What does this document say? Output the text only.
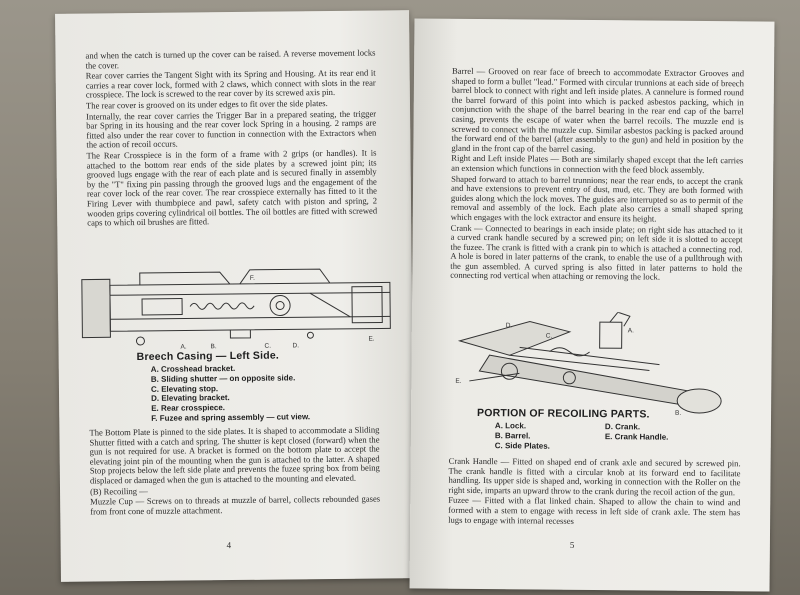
and when the catch is turned up the cover can be raised. A reverse movement locks the cover.

Rear cover carries the Tangent Sight with its Spring and Housing. At its rear end it carries a rear cover lock, formed with 2 claws, which connect with slots in the rear crosspiece. The lock is screwed to the rear cover by its screwed axis pin.

The rear cover is grooved on its under edges to fit over the side plates.

Internally, the rear cover carries the Trigger Bar in a prepared seating, the trigger bar Spring in its housing and the rear cover lock Spring in a housing. 2 ramps are fitted also under the rear cover to function in connection with the Extractors when the action of recoil occurs.

The Rear Crosspiece is in the form of a frame with 2 grips (or handles). It is attached to the bottom rear ends of the side plates by a screwed joint pin; its grooved lugs engage with the rear of each plate and is secured finally in assembly by the "T" fixing pin passing through the grooved lugs and the engagement of the rear cover lock of the rear cover. The rear crosspiece externally has fitted to it the Firing Lever with thumbpiece and pawl, safety catch with piston and spring, 2 wooden grips covering cylindrical oil bottles. The oil bottles are fitted with screwed caps to which oil brushes are fitted.

A.	B.	C.	D.
E.
F.
Breech Casing — Left Side.
A. Crosshead bracket.
B. Sliding shutter — on opposite side.
C. Elevating stop.
D. Elevating bracket.
E. Rear crosspiece.
F. Fuzee and spring assembly — cut view.

The Bottom Plate is pinned to the side plates. It is shaped to accommodate a Sliding Shutter fitted with a catch and spring. The shutter is kept closed (forward) when the gun is not required for use. A bracket is formed on the bottom plate to accept the elevating joint pin of the mounting when the gun is attached to the latter. A shaped Stop projects below the left side plate and prevents the fuzee spring box from being displaced or damaged when the gun is attached to the mounting and elevated.

(B) Recoiling —

Muzzle Cup — Screws on to threads at muzzle of barrel, collects rebounded gases from front cone of muzzle attachment.

4

Barrel — Grooved on rear face of breech to accommodate Extractor Grooves and shaped to form a bullet "lead." Formed with circular trunnions at each side of breech barrel block to connect with right and left inside plates. A cannelure is formed round the barrel forward of this point into which is packed asbestos packing, which in conjunction with the shape of the barrel bearing in the rear end cap of the barrel casing, prevents the escape of water when the barrel recoils. The muzzle end is screwed to connect with the muzzle cup. Similar asbestos packing is packed around the forward end of the barrel (after assembly to the gun) and held in position by the gland in the front cap of the barrel casing.

Right and Left inside Plates — Both are similarly shaped except that the left carries an extension which functions in connection with the feed block assembly.

Shaped forward to attach to barrel trunnions; near the rear ends, to accept the crank and have extensions to prevent entry of dust, mud, etc. They are both formed with guides along which the lock moves. The guides are interrupted so as to permit of the removal and assembly of the lock. Each plate also carries a small shaped spring which engages with the lock extractor and ensure its height.

Crank — Connected to bearings in each inside plate; on right side has attached to it a curved crank handle secured by a screwed pin; on left side it is slotted to accept the fuzee. The crank is fitted with a crank pin to which is attached a connecting rod. A hole is bored in later patterns of the crank, to enable the use of a pullthrough with the gun assembled. A curved spring is also fitted in later patterns to hold the connecting rod vertical when attaching or removing the lock.

A.
B.
C.
D.
E.
PORTION OF RECOILING PARTS.
A. Lock.	D. Crank.
B. Barrel.	E. Crank Handle.
C. Side Plates.

Crank Handle — Fitted on shaped end of crank axle and secured by screwed pin. The crank handle is fitted with a circular knob at its forward end to facilitate handling. Its upper side is shaped and, working in connection with the Roller on the right side, imparts an upward throw to the crank during the recoil action of the gun.

Fuzee — Fitted with a flat linked chain. Shaped to allow the chain to wind and formed with a stem to engage with recess in left side of crank axle. The stem has lugs to engage with internal recesses

5
